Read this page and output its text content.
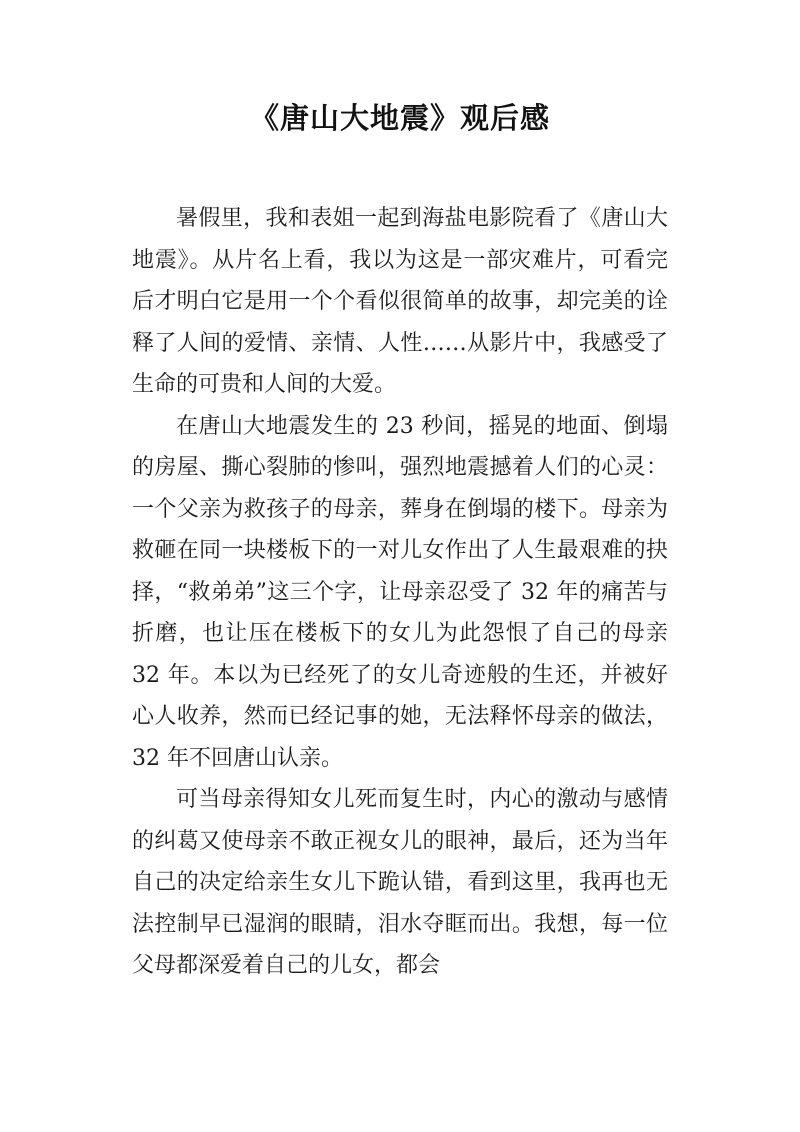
《唐山大地震》观后感

暑假里，我和表姐一起到海盐电影院看了《唐山大地震》。从片名上看，我以为这是一部灾难片，可看完后才明白它是用一个个看似很简单的故事，却完美的诠释了人间的爱情、亲情、人性……从影片中，我感受了生命的可贵和人间的大爱。

在唐山大地震发生的 23 秒间，摇晃的地面、倒塌的房屋、撕心裂肺的惨叫，强烈地震撼着人们的心灵：一个父亲为救孩子的母亲，葬身在倒塌的楼下。母亲为救砸在同一块楼板下的一对儿女作出了人生最艰难的抉择，“救弟弟”这三个字，让母亲忍受了 32 年的痛苦与折磨，也让压在楼板下的女儿为此怨恨了自己的母亲 32 年。本以为已经死了的女儿奇迹般的生还，并被好心人收养，然而已经记事的她，无法释怀母亲的做法，32 年不回唐山认亲。

可当母亲得知女儿死而复生时，内心的激动与感情的纠葛又使母亲不敢正视女儿的眼神，最后，还为当年自己的决定给亲生女儿下跪认错，看到这里，我再也无法控制早已湿润的眼睛，泪水夺眶而出。我想，每一位父母都深爱着自己的儿女，都会
